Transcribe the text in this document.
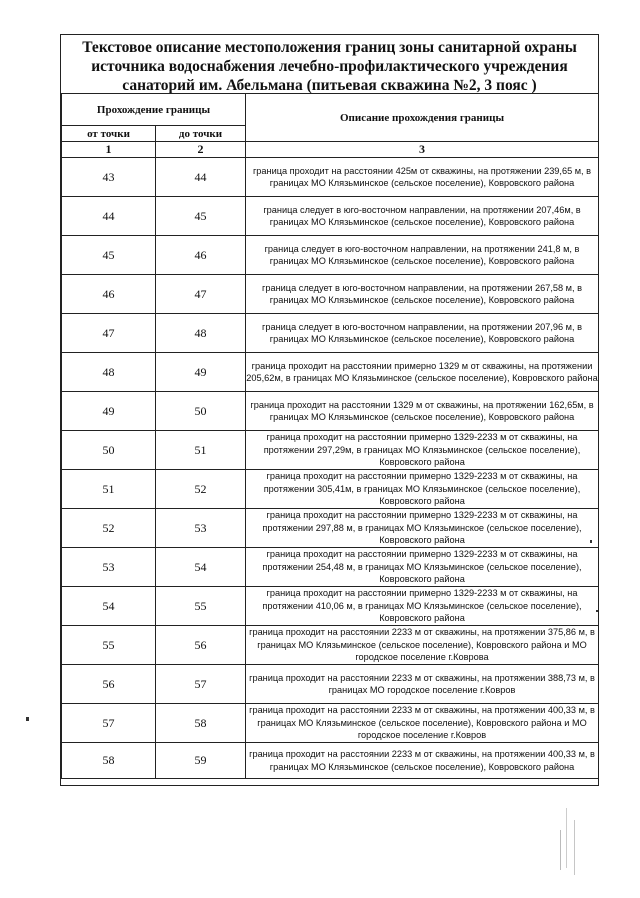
Текстовое описание местоположения границ зоны санитарной охраны источника водоснабжения лечебно-профилактического учреждения санаторий им. Абельмана (питьевая скважина №2, 3 пояс )
Прохождение границы		Описание прохождения границы
от точки	до точки	
1	2	3
43	44	граница проходит на расстоянии 425м от скважины, на протяжении 239,65 м, в границах МО Клязьминское (сельское поселение), Ковровского района
44	45	граница следует в юго-восточном направлении, на протяжении 207,46м, в границах МО Клязьминское (сельское поселение), Ковровского района
45	46	граница следует в юго-восточном направлении, на протяжении 241,8 м, в границах МО Клязьминское (сельское поселение), Ковровского района
46	47	граница следует в юго-восточном направлении, на протяжении 267,58 м, в границах МО Клязьминское (сельское поселение), Ковровского района
47	48	граница следует в юго-восточном направлении, на протяжении 207,96 м, в границах МО Клязьминское (сельское поселение), Ковровского района
48	49	граница проходит на расстоянии примерно 1329 м от скважины, на протяжении 205,62м, в границах МО Клязьминское (сельское поселение), Ковровского района
49	50	граница проходит на расстоянии 1329 м от скважины, на протяжении 162,65м, в границах МО Клязьминское (сельское поселение), Ковровского района
50	51	граница проходит на расстоянии примерно 1329-2233 м от скважины, на протяжении 297,29м, в границах МО Клязьминское (сельское поселение), Ковровского района
51	52	граница проходит на расстоянии примерно 1329-2233 м от скважины, на протяжении 305,41м, в границах МО Клязьминское (сельское поселение), Ковровского района
52	53	граница проходит на расстоянии примерно 1329-2233 м от скважины, на протяжении 297,88 м, в границах МО Клязьминское (сельское поселение), Ковровского района
53	54	граница проходит на расстоянии примерно 1329-2233 м от скважины, на протяжении 254,48 м, в границах МО Клязьминское (сельское поселение), Ковровского района
54	55	граница проходит на расстоянии примерно 1329-2233 м от скважины, на протяжении 410,06 м, в границах МО Клязьминское (сельское поселение), Ковровского района
55	56	граница проходит на расстоянии 2233 м от скважины, на протяжении 375,86 м, в границах МО Клязьминское (сельское поселение), Ковровского района и МО городское поселение г.Коврова
56	57	граница проходит на расстоянии 2233 м от скважины, на протяжении 388,73 м, в границах МО городское поселение г.Ковров
57	58	граница проходит на расстоянии 2233 м от скважины, на протяжении 400,33 м, в границах МО Клязьминское (сельское поселение), Ковровского района и МО городское поселение г.Ковров
58	59	граница проходит на расстоянии 2233 м от скважины, на протяжении 400,33 м, в границах МО Клязьминское (сельское поселение), Ковровского района
